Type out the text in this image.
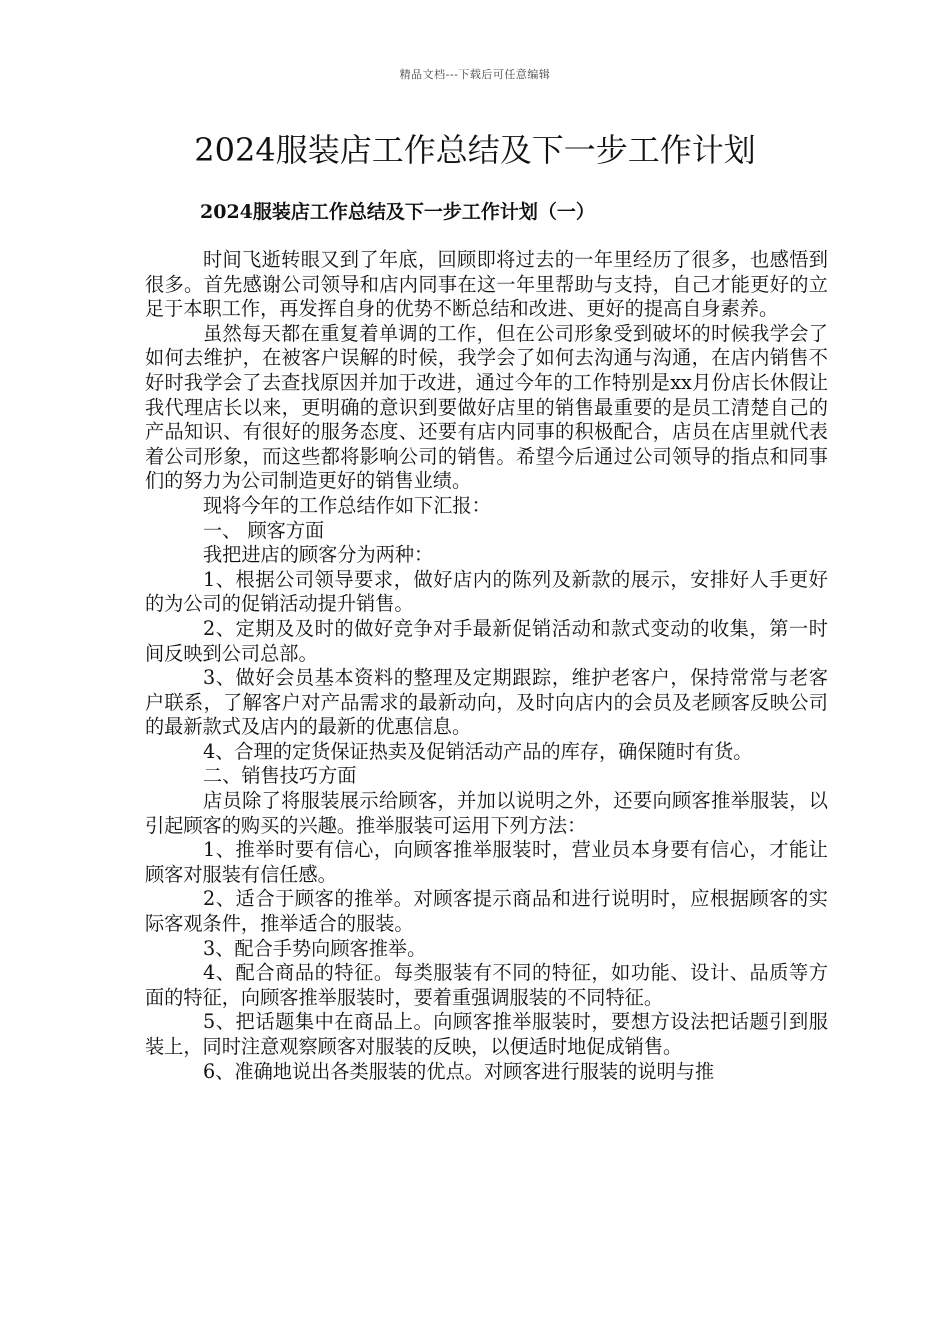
精品文档---下载后可任意编辑
2024服装店工作总结及下一步工作计划
2024服装店工作总结及下一步工作计划（一）

时间飞逝转眼又到了年底，回顾即将过去的一年里经历了很多，也感悟到很多。首先感谢公司领导和店内同事在这一年里帮助与支持，自己才能更好的立足于本职工作，再发挥自身的优势不断总结和改进、更好的提高自身素养。

虽然每天都在重复着单调的工作，但在公司形象受到破坏的时候我学会了如何去维护，在被客户误解的时候，我学会了如何去沟通与沟通，在店内销售不好时我学会了去查找原因并加于改进，通过今年的工作特别是xx月份店长休假让我代理店长以来，更明确的意识到要做好店里的销售最重要的是员工清楚自己的产品知识、有很好的服务态度、还要有店内同事的积极配合，店员在店里就代表着公司形象，而这些都将影响公司的销售。希望今后通过公司领导的指点和同事们的努力为公司制造更好的销售业绩。

现将今年的工作总结作如下汇报：

一、 顾客方面

我把进店的顾客分为两种：

1、根据公司领导要求，做好店内的陈列及新款的展示，安排好人手更好的为公司的促销活动提升销售。

2、定期及及时的做好竞争对手最新促销活动和款式变动的收集，第一时间反映到公司总部。

3、做好会员基本资料的整理及定期跟踪，维护老客户，保持常常与老客户联系，了解客户对产品需求的最新动向，及时向店内的会员及老顾客反映公司的最新款式及店内的最新的优惠信息。

4、合理的定货保证热卖及促销活动产品的库存，确保随时有货。

二、销售技巧方面

店员除了将服装展示给顾客，并加以说明之外，还要向顾客推举服装，以引起顾客的购买的兴趣。推举服装可运用下列方法：

1、推举时要有信心，向顾客推举服装时，营业员本身要有信心，才能让顾客对服装有信任感。

2、适合于顾客的推举。对顾客提示商品和进行说明时，应根据顾客的实际客观条件，推举适合的服装。

3、配合手势向顾客推举。

4、配合商品的特征。每类服装有不同的特征，如功能、设计、品质等方面的特征，向顾客推举服装时，要着重强调服装的不同特征。

5、把话题集中在商品上。向顾客推举服装时，要想方设法把话题引到服装上，同时注意观察顾客对服装的反映，以便适时地促成销售。

6、准确地说出各类服装的优点。对顾客进行服装的说明与推
